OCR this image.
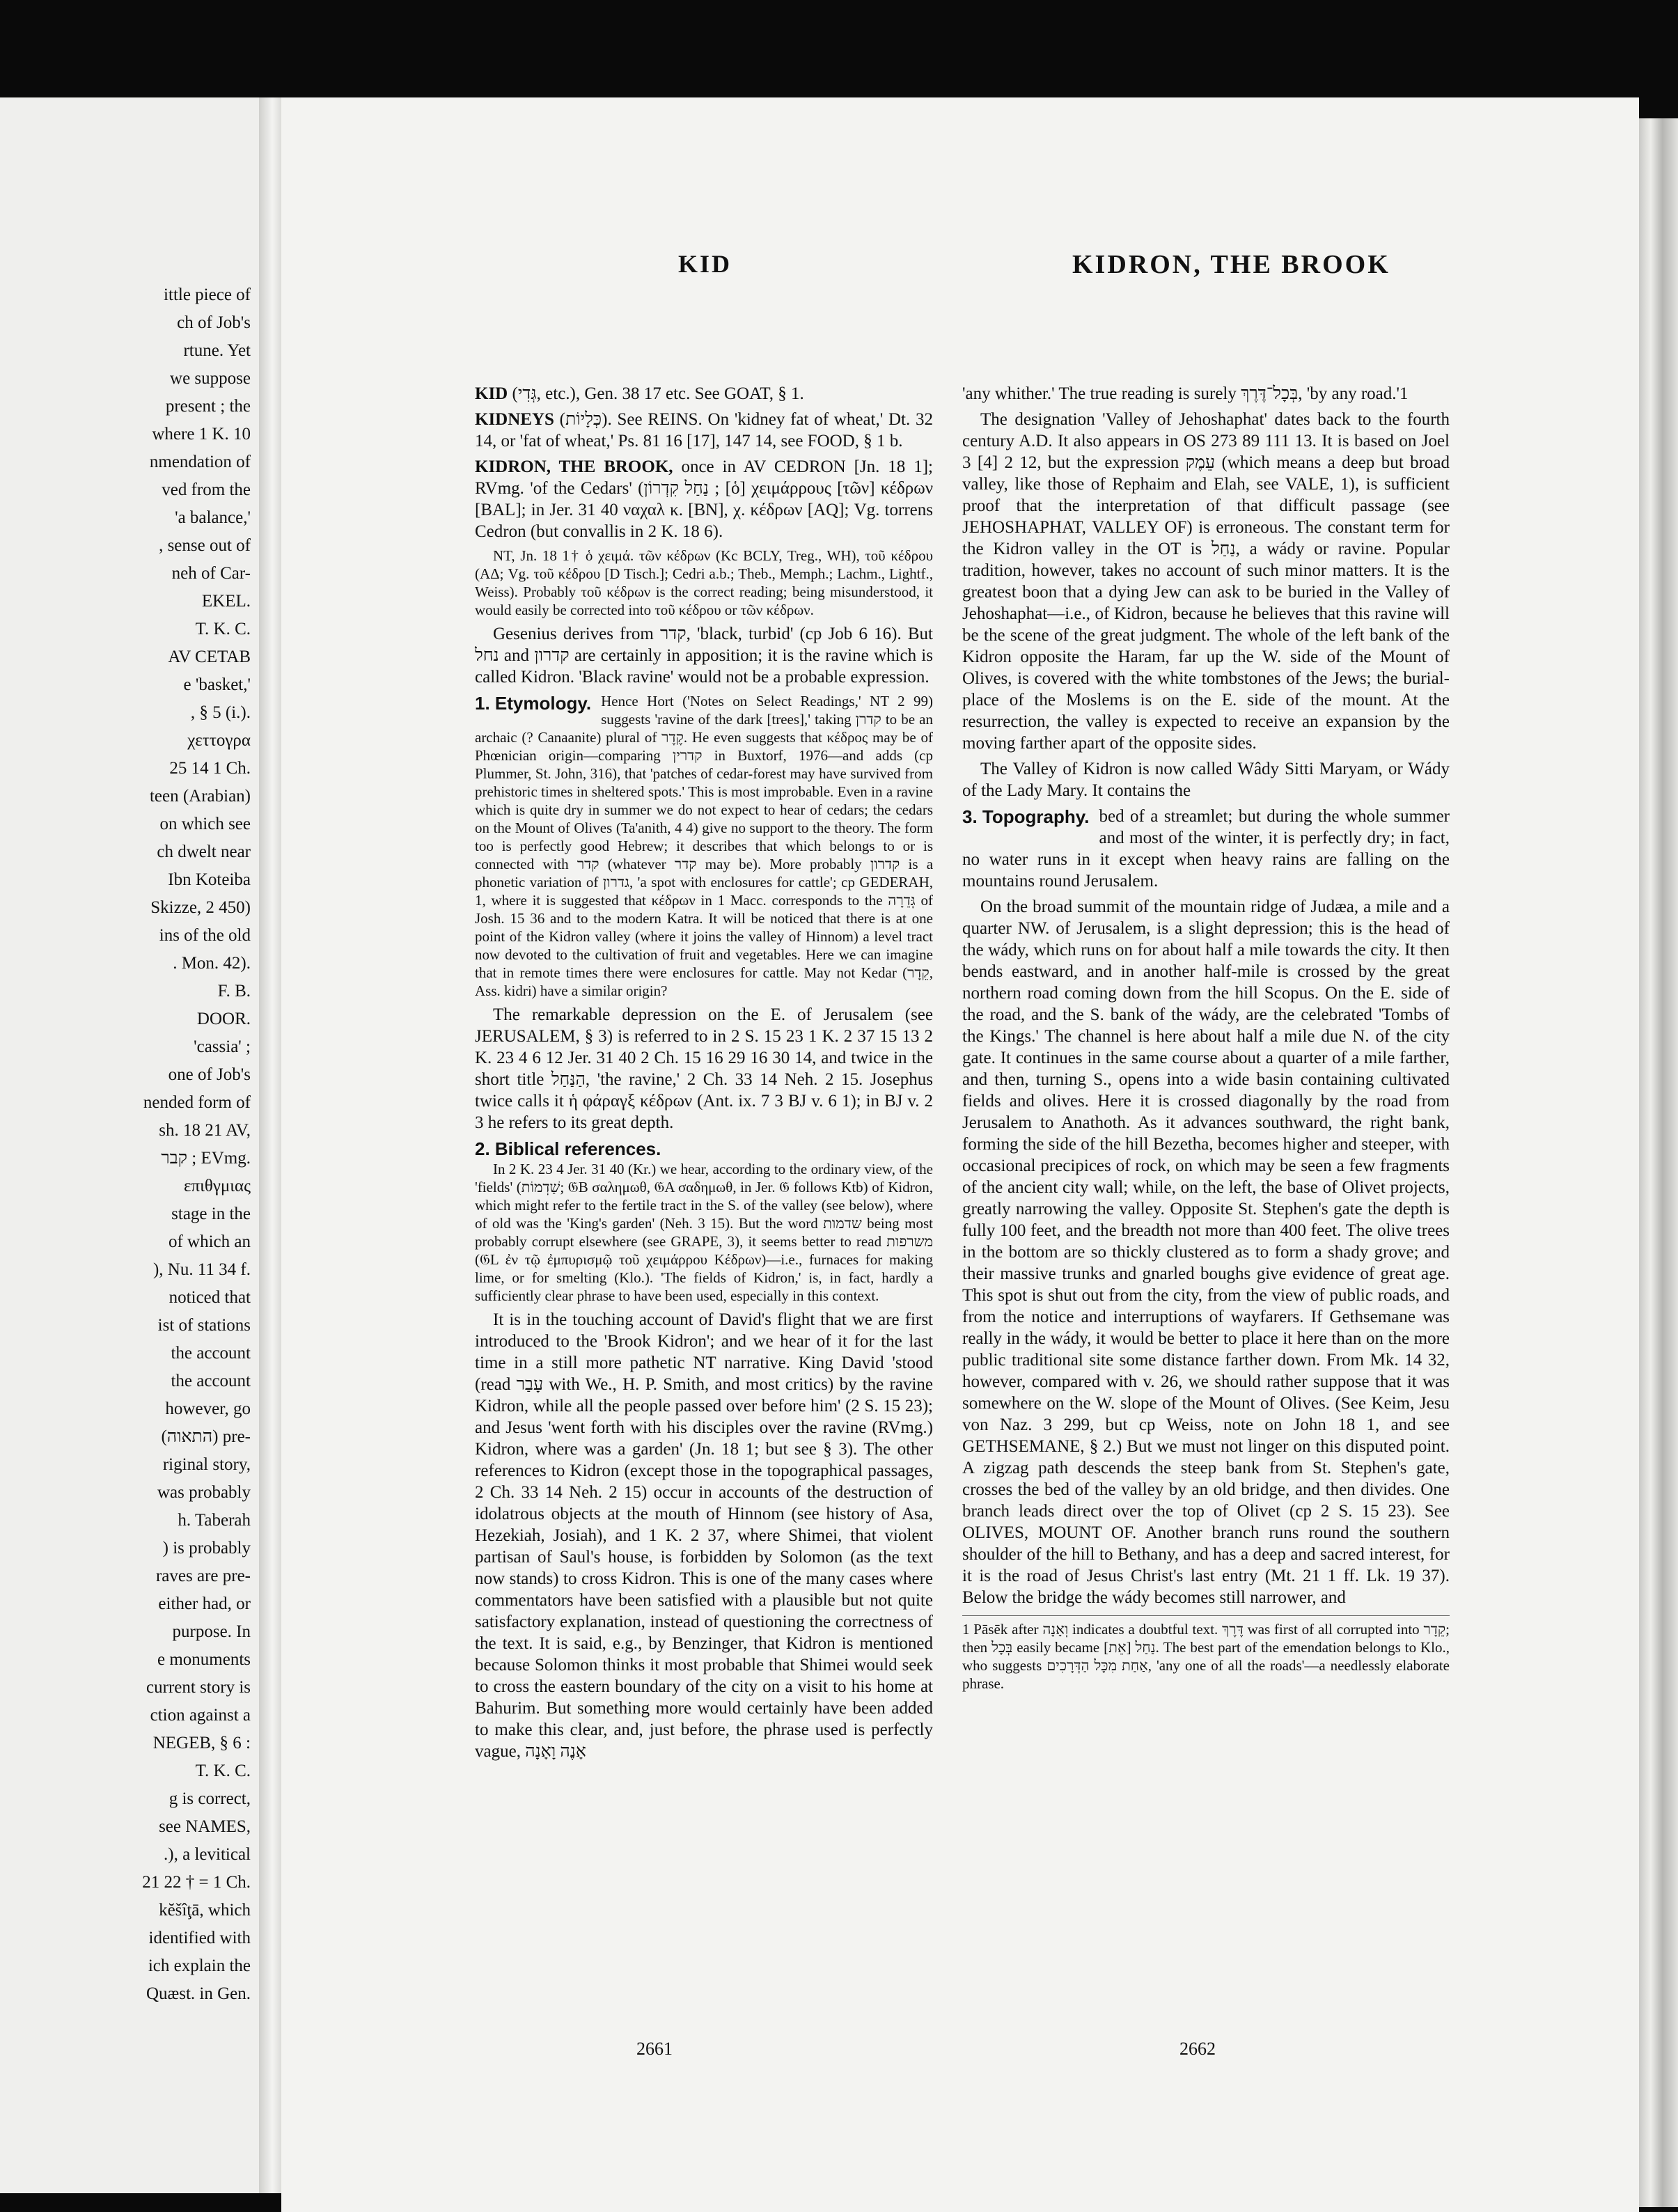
ittle piece of
ch of Job's
rtune. Yet
we suppose
present ; the
where 1 K. 10
nmendation of
ved from the
'a balance,'
, sense out of
neh of Car-
EKEL.
T. K. C.
AV CETAB
e 'basket,'
, § 5 (i.).
χεττογρα
25 14 1 Ch.
teen (Arabian)
on which see
ch dwelt near
Ibn Koteiba
Skizze, 2 450)
ins of the old
. Mon. 42).
F. B.
DOOR.
'cassia' ;
one of Job's
nended form of
sh. 18 21 AV,
קבר ; EVmg.
επιθγμιας
stage in the
of which an
), Nu. 11 34 f.
noticed that
ist of stations
the account
the account
however, go
(התאוה) pre-
riginal story,
was probably
h. Taberah
) is probably
raves are pre-
either had, or
purpose. In
e monuments
current story is
ction against a
NEGEB, § 6 :
T. K. C.
g is correct,
see NAMES,
.), a levitical
21 22 † = 1 Ch.
kĕšîţā, which
identified with
ich explain the
Quæst. in Gen.
KID	KIDRON, THE BROOK

KID (גְּדִי, etc.), Gen. 38 17 etc. See GOAT, § 1.

KIDNEYS (כְּלָיוֹת). See REINS. On 'kidney fat of wheat,' Dt. 32 14, or 'fat of wheat,' Ps. 81 16 [17], 147 14, see FOOD, § 1 b.

KIDRON, THE BROOK, once in AV CEDRON [Jn. 18 1]; RVmg. 'of the Cedars' (נַחַל קִדְרוֹן ; [ὁ] χειμάρρους [τῶν] κέδρων [BAL]; in Jer. 31 40 ναχαλ κ. [BN], χ. κέδρων [AQ]; Vg. torrens Cedron (but convallis in 2 K. 18 6).

NT, Jn. 18 1† ὁ χειμά. τῶν κέδρων (Kc BCLY, Treg., WH), τοῦ κέδρου (ΑΔ; Vg. τοῦ κέδρου [D Tisch.]; Cedri a.b.; Theb., Memph.; Lachm., Lightf., Weiss). Probably τοῦ κέδρων is the correct reading; being misunderstood, it would easily be corrected into τοῦ κέδρου or τῶν κέδρων.

Gesenius derives from קדר, 'black, turbid' (cp Job 6 16). But נחל and קדרון are certainly in apposition; it is the ravine which is called Kidron. 'Black ravine' would not be a probable expression.

1. Etymology. Hence Hort ('Notes on Select Readings,' NT 2 99) suggests 'ravine of the dark [trees],' taking קדרן to be an archaic (? Canaanite) plural of קֶדֶר. He even suggests that κέδρος may be of Phœnician origin—comparing קדרין in Buxtorf, 1976—and adds (cp Plummer, St. John, 316), that 'patches of cedar-forest may have survived from prehistoric times in sheltered spots.' This is most improbable. Even in a ravine which is quite dry in summer we do not expect to hear of cedars; the cedars on the Mount of Olives (Ta'anith, 4 4) give no support to the theory. The form too is perfectly good Hebrew; it describes that which belongs to or is connected with קדר (whatever קדר may be). More probably קדרון is a phonetic variation of גדרון, 'a spot with enclosures for cattle'; cp GEDERAH, 1, where it is suggested that κέδρων in 1 Macc. corresponds to the גְּדֵרָה of Josh. 15 36 and to the modern Katra. It will be noticed that there is at one point of the Kidron valley (where it joins the valley of Hinnom) a level tract now devoted to the cultivation of fruit and vegetables. Here we can imagine that in remote times there were enclosures for cattle. May not Kedar (קֵדָר, Ass. kidri) have a similar origin?

The remarkable depression on the E. of Jerusalem (see JERUSALEM, § 3) is referred to in 2 S. 15 23 1 K. 2 37 15 13 2 K. 23 4 6 12 Jer. 31 40 2 Ch. 15 16 29 16 30 14, and twice in the short title הַנַּחַל, 'the ravine,' 2 Ch. 33 14 Neh. 2 15. Josephus twice calls it ἡ φάραγξ κέδρων (Ant. ix. 7 3 BJ v. 6 1); in BJ v. 2 3 he refers to its great depth.

2. Biblical references.

In 2 K. 23 4 Jer. 31 40 (Kr.) we hear, according to the ordinary view, of the 'fields' (שַׁדְמוֹת; 𝔊B σαλημωθ, 𝔊A σαδημωθ, in Jer. 𝔊 follows Ktb) of Kidron, which might refer to the fertile tract in the S. of the valley (see below), where of old was the 'King's garden' (Neh. 3 15). But the word שדמות being most probably corrupt elsewhere (see GRAPE, 3), it seems better to read משרפות (𝔊L ἐν τῷ ἐμπυρισμῷ τοῦ χειμάρρου Κέδρων)—i.e., furnaces for making lime, or for smelting (Klo.). 'The fields of Kidron,' is, in fact, hardly a sufficiently clear phrase to have been used, especially in this context.

It is in the touching account of David's flight that we are first introduced to the 'Brook Kidron'; and we hear of it for the last time in a still more pathetic NT narrative. King David 'stood (read עָבַר with We., H. P. Smith, and most critics) by the ravine Kidron, while all the people passed over before him' (2 S. 15 23); and Jesus 'went forth with his disciples over the ravine (RVmg.) Kidron, where was a garden' (Jn. 18 1; but see § 3). The other references to Kidron (except those in the topographical passages, 2 Ch. 33 14 Neh. 2 15) occur in accounts of the destruction of idolatrous objects at the mouth of Hinnom (see history of Asa, Hezekiah, Josiah), and 1 K. 2 37, where Shimei, that violent partisan of Saul's house, is forbidden by Solomon (as the text now stands) to cross Kidron. This is one of the many cases where commentators have been satisfied with a plausible but not quite satisfactory explanation, instead of questioning the correctness of the text. It is said, e.g., by Benzinger, that Kidron is mentioned because Solomon thinks it most probable that Shimei would seek to cross the eastern boundary of the city on a visit to his home at Bahurim. But something more would certainly have been added to make this clear, and, just before, the phrase used is perfectly vague, אָנֶה וָאָנָה

'any whither.' The true reading is surely בְּכָל־דֶּרֶךְ, 'by any road.'1

The designation 'Valley of Jehoshaphat' dates back to the fourth century A.D. It also appears in OS 273 89 111 13. It is based on Joel 3 [4] 2 12, but the expression עֵמֶק (which means a deep but broad valley, like those of Rephaim and Elah, see VALE, 1), is sufficient proof that the interpretation of that difficult passage (see JEHOSHAPHAT, VALLEY OF) is erroneous. The constant term for the Kidron valley in the OT is נַחַל, a wády or ravine. Popular tradition, however, takes no account of such minor matters. It is the greatest boon that a dying Jew can ask to be buried in the Valley of Jehoshaphat—i.e., of Kidron, because he believes that this ravine will be the scene of the great judgment. The whole of the left bank of the Kidron opposite the Haram, far up the W. side of the Mount of Olives, is covered with the white tombstones of the Jews; the burial-place of the Moslems is on the E. side of the mount. At the resurrection, the valley is expected to receive an expansion by the moving farther apart of the opposite sides.

The Valley of Kidron is now called Wâdy Sitti Maryam, or Wády of the Lady Mary. It contains the

3. Topography. bed of a streamlet; but during the whole summer and most of the winter, it is perfectly dry; in fact, no water runs in it except when heavy rains are falling on the mountains round Jerusalem.

On the broad summit of the mountain ridge of Judæa, a mile and a quarter NW. of Jerusalem, is a slight depression; this is the head of the wády, which runs on for about half a mile towards the city. It then bends eastward, and in another half-mile is crossed by the great northern road coming down from the hill Scopus. On the E. side of the road, and the S. bank of the wády, are the celebrated 'Tombs of the Kings.' The channel is here about half a mile due N. of the city gate. It continues in the same course about a quarter of a mile farther, and then, turning S., opens into a wide basin containing cultivated fields and olives. Here it is crossed diagonally by the road from Jerusalem to Anathoth. As it advances southward, the right bank, forming the side of the hill Bezetha, becomes higher and steeper, with occasional precipices of rock, on which may be seen a few fragments of the ancient city wall; while, on the left, the base of Olivet projects, greatly narrowing the valley. Opposite St. Stephen's gate the depth is fully 100 feet, and the breadth not more than 400 feet. The olive trees in the bottom are so thickly clustered as to form a shady grove; and their massive trunks and gnarled boughs give evidence of great age. This spot is shut out from the city, from the view of public roads, and from the notice and interruptions of wayfarers. If Gethsemane was really in the wády, it would be better to place it here than on the more public traditional site some distance farther down. From Mk. 14 32, however, compared with v. 26, we should rather suppose that it was somewhere on the W. slope of the Mount of Olives. (See Keim, Jesu von Naz. 3 299, but cp Weiss, note on John 18 1, and see GETHSEMANE, § 2.) But we must not linger on this disputed point. A zigzag path descends the steep bank from St. Stephen's gate, crosses the bed of the valley by an old bridge, and then divides. One branch leads direct over the top of Olivet (cp 2 S. 15 23). See OLIVES, MOUNT OF. Another branch runs round the southern shoulder of the hill to Bethany, and has a deep and sacred interest, for it is the road of Jesus Christ's last entry (Mt. 21 1 ff. Lk. 19 37). Below the bridge the wády becomes still narrower, and

1 Pāsēk after וְאָנָה indicates a doubtful text. דֶּרֶךְ was first of all corrupted into קֵדָר; then בְּכָל easily became נַחַל [אֵת]. The best part of the emendation belongs to Klo., who suggests אַחַת מִכָּל הַדְּרָכִים, 'any one of all the roads'—a needlessly elaborate phrase.
2661	2662
